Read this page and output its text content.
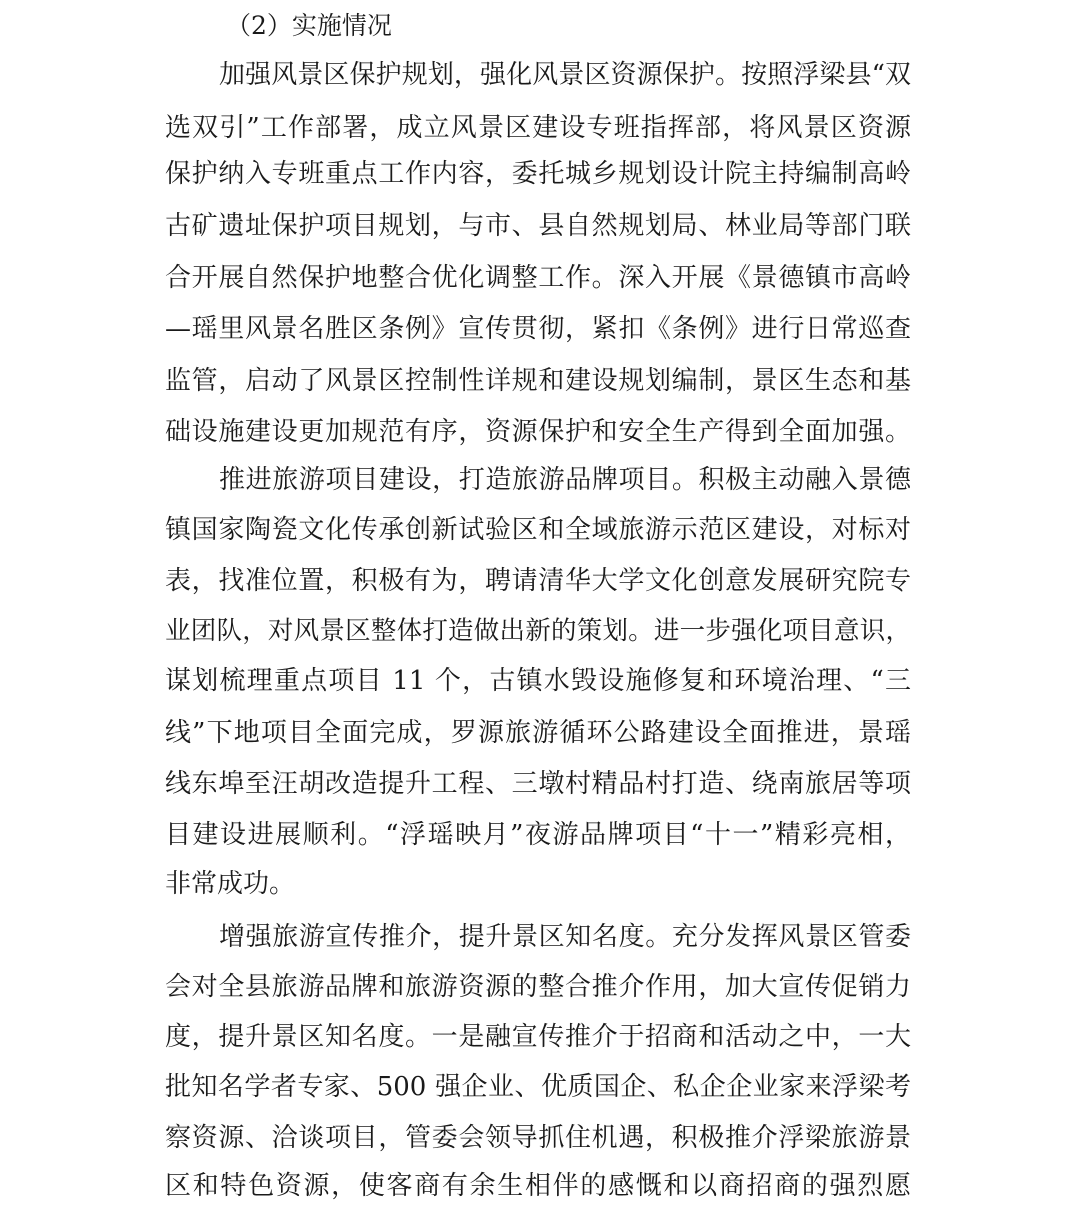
（2）实施情况
加强风景区保护规划，强化风景区资源保护。按照浮梁县“双
选双引”工作部署，成立风景区建设专班指挥部，将风景区资源
保护纳入专班重点工作内容，委托城乡规划设计院主持编制高岭
古矿遗址保护项目规划，与市、县自然规划局、林业局等部门联
合开展自然保护地整合优化调整工作。深入开展《景德镇市高岭
—瑶里风景名胜区条例》宣传贯彻，紧扣《条例》进行日常巡查
监管，启动了风景区控制性详规和建设规划编制，景区生态和基
础设施建设更加规范有序，资源保护和安全生产得到全面加强。
推进旅游项目建设，打造旅游品牌项目。积极主动融入景德
镇国家陶瓷文化传承创新试验区和全域旅游示范区建设，对标对
表，找准位置，积极有为，聘请清华大学文化创意发展研究院专
业团队，对风景区整体打造做出新的策划。进一步强化项目意识，
谋划梳理重点项目 11 个，古镇水毁设施修复和环境治理、“三
线”下地项目全面完成，罗源旅游循环公路建设全面推进，景瑶
线东埠至汪胡改造提升工程、三墩村精品村打造、绕南旅居等项
目建设进展顺利。“浮瑶映月”夜游品牌项目“十一”精彩亮相，
非常成功。
增强旅游宣传推介，提升景区知名度。充分发挥风景区管委
会对全县旅游品牌和旅游资源的整合推介作用，加大宣传促销力
度，提升景区知名度。一是融宣传推介于招商和活动之中，一大
批知名学者专家、500 强企业、优质国企、私企企业家来浮梁考
察资源、洽谈项目，管委会领导抓住机遇，积极推介浮梁旅游景
区和特色资源，使客商有余生相伴的感慨和以商招商的强烈愿
